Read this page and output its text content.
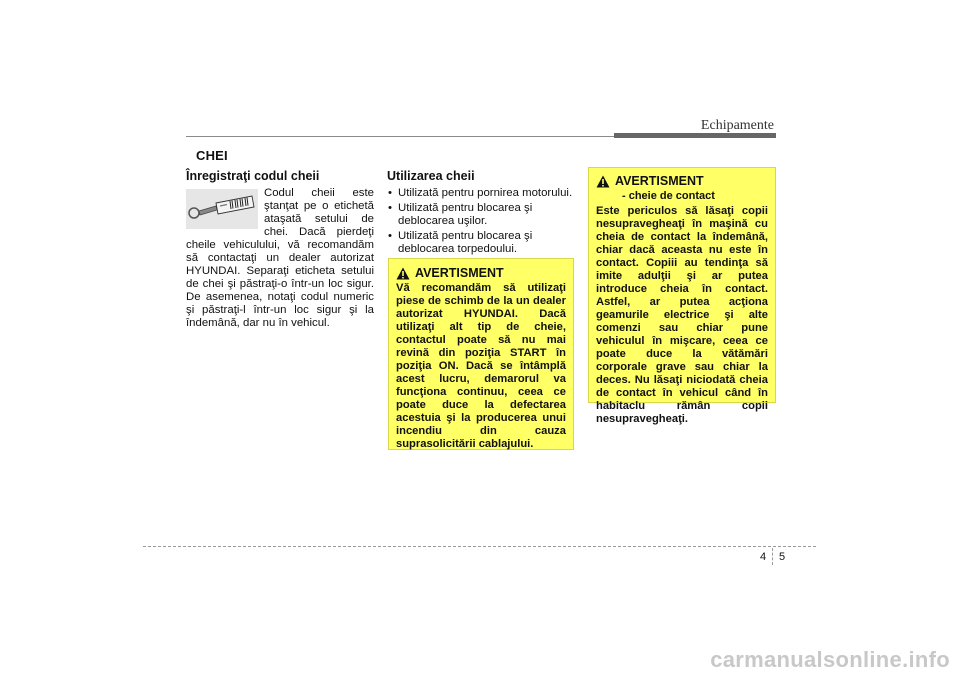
Echipamente
CHEI
Înregistraţi codul cheii

Codul cheii este ştanţat pe o etichetă ataşată setului de chei. Dacă pierdeţi cheile vehiculului, vă recomandăm să contactaţi un dealer autorizat HYUNDAI. Separaţi eticheta setului de chei şi păstraţi-o într-un loc sigur. De asemenea, notaţi codul numeric şi păstraţi-l într-un loc sigur şi la îndemână, dar nu în vehicul.

Utilizarea cheii
• Utilizată pentru pornirea motorului.
• Utilizată pentru blocarea şi deblocarea uşilor.
• Utilizată pentru blocarea şi deblocarea torpedoului.
AVERTISMENT

Vă recomandăm să utilizaţi piese de schimb de la un dealer autorizat HYUNDAI. Dacă utilizaţi alt tip de cheie, contactul poate să nu mai revină din poziţia START în poziţia ON. Dacă se întâmplă acest lucru, demarorul va funcţiona continuu, ceea ce poate duce la defectarea acestuia şi la producerea unui incendiu din cauza suprasolicitării cablajului.

AVERTISMENT
- cheie de contact

Este periculos să lăsaţi copii nesupravegheaţi în maşină cu cheia de contact la îndemână, chiar dacă aceasta nu este în contact. Copiii au tendinţa să imite adulţii şi ar putea introduce cheia în contact. Astfel, ar putea acţiona geamurile electrice şi alte comenzi sau chiar pune vehiculul în mişcare, ceea ce poate duce la vătămări corporale grave sau chiar la deces. Nu lăsaţi niciodată cheia de contact în vehicul când în habitaclu rămân copii nesupravegheaţi.

4 5
carmanualsonline.info
